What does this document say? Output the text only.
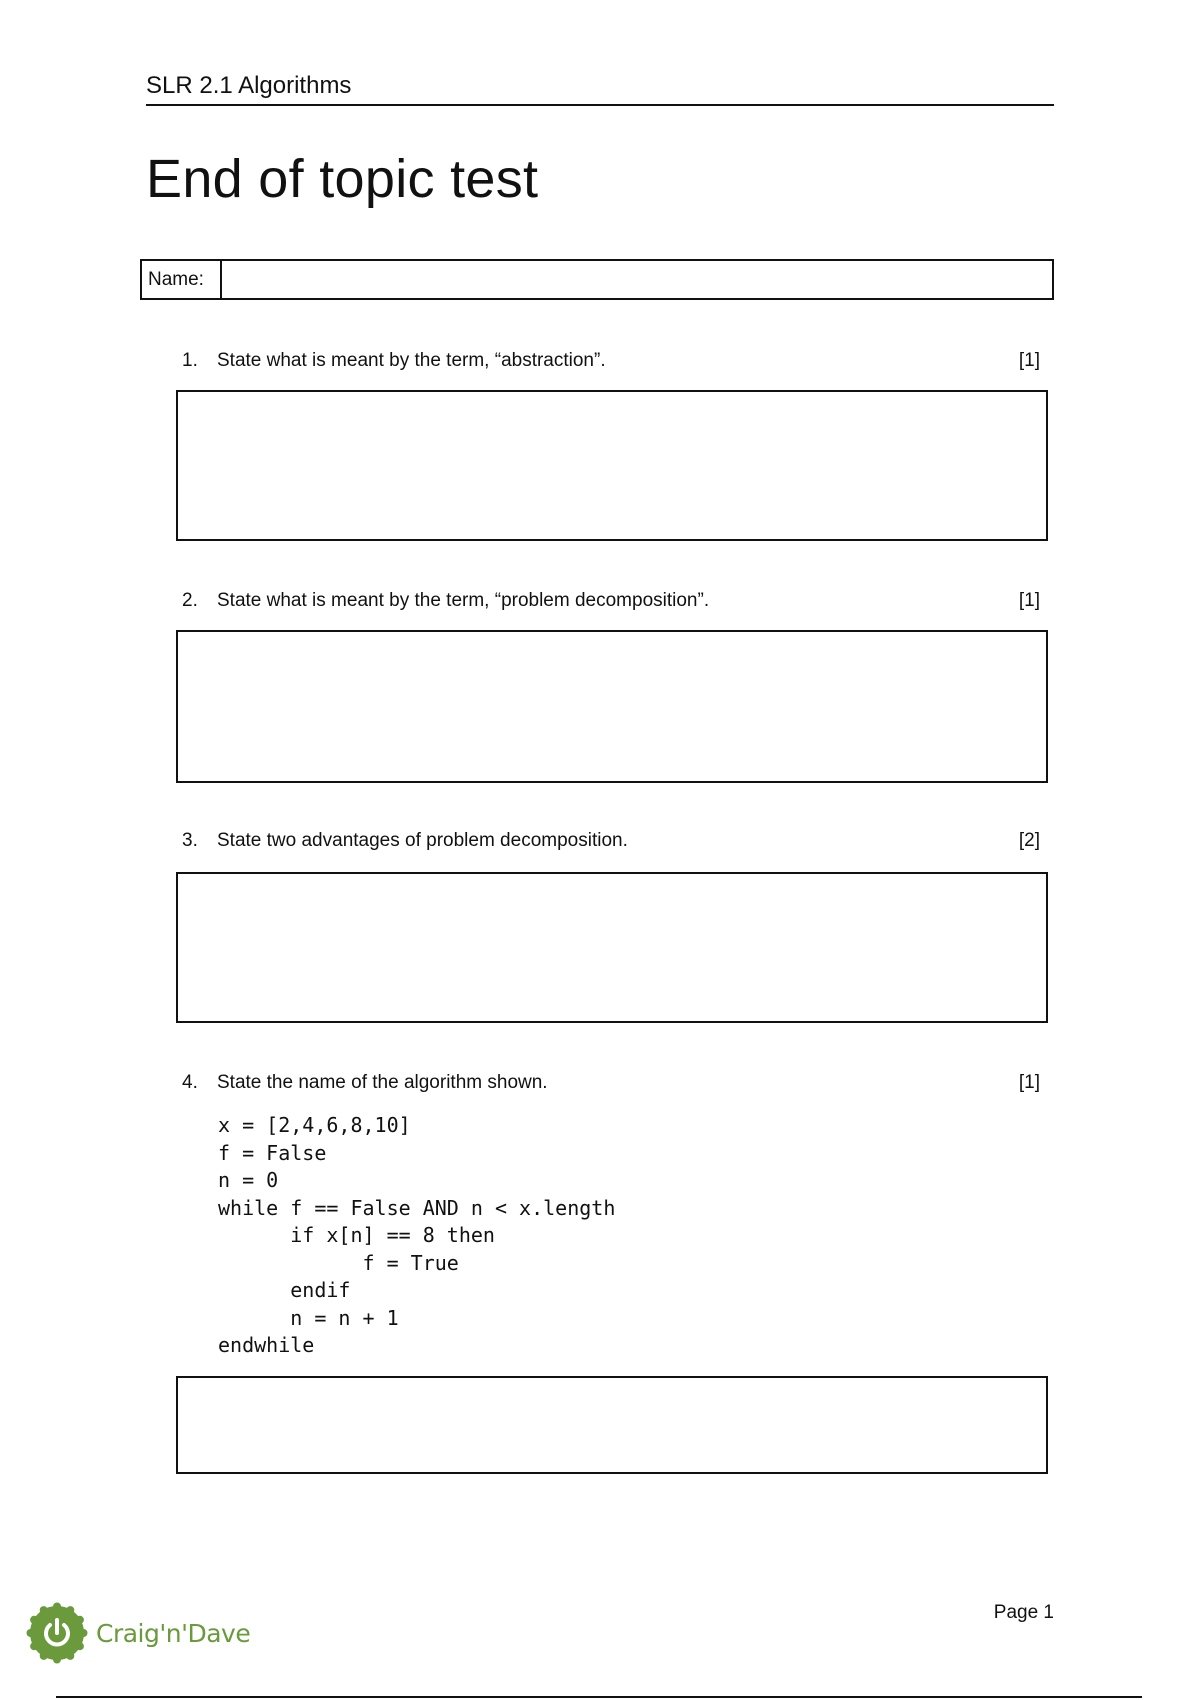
SLR 2.1 Algorithms
End of topic test
Name:
1.	State what is meant by the term, “abstraction”.	[1]
2.	State what is meant by the term, “problem decomposition”.	[1]
3.	State two advantages of problem decomposition.	[2]
4.	State the name of the algorithm shown.	[1]
x = [2,4,6,8,10]
f = False
n = 0
while f == False AND n < x.length
if x[n] == 8 then
f = True
endif
n = n + 1
endwhile
Craig'n'Dave
Page 1
